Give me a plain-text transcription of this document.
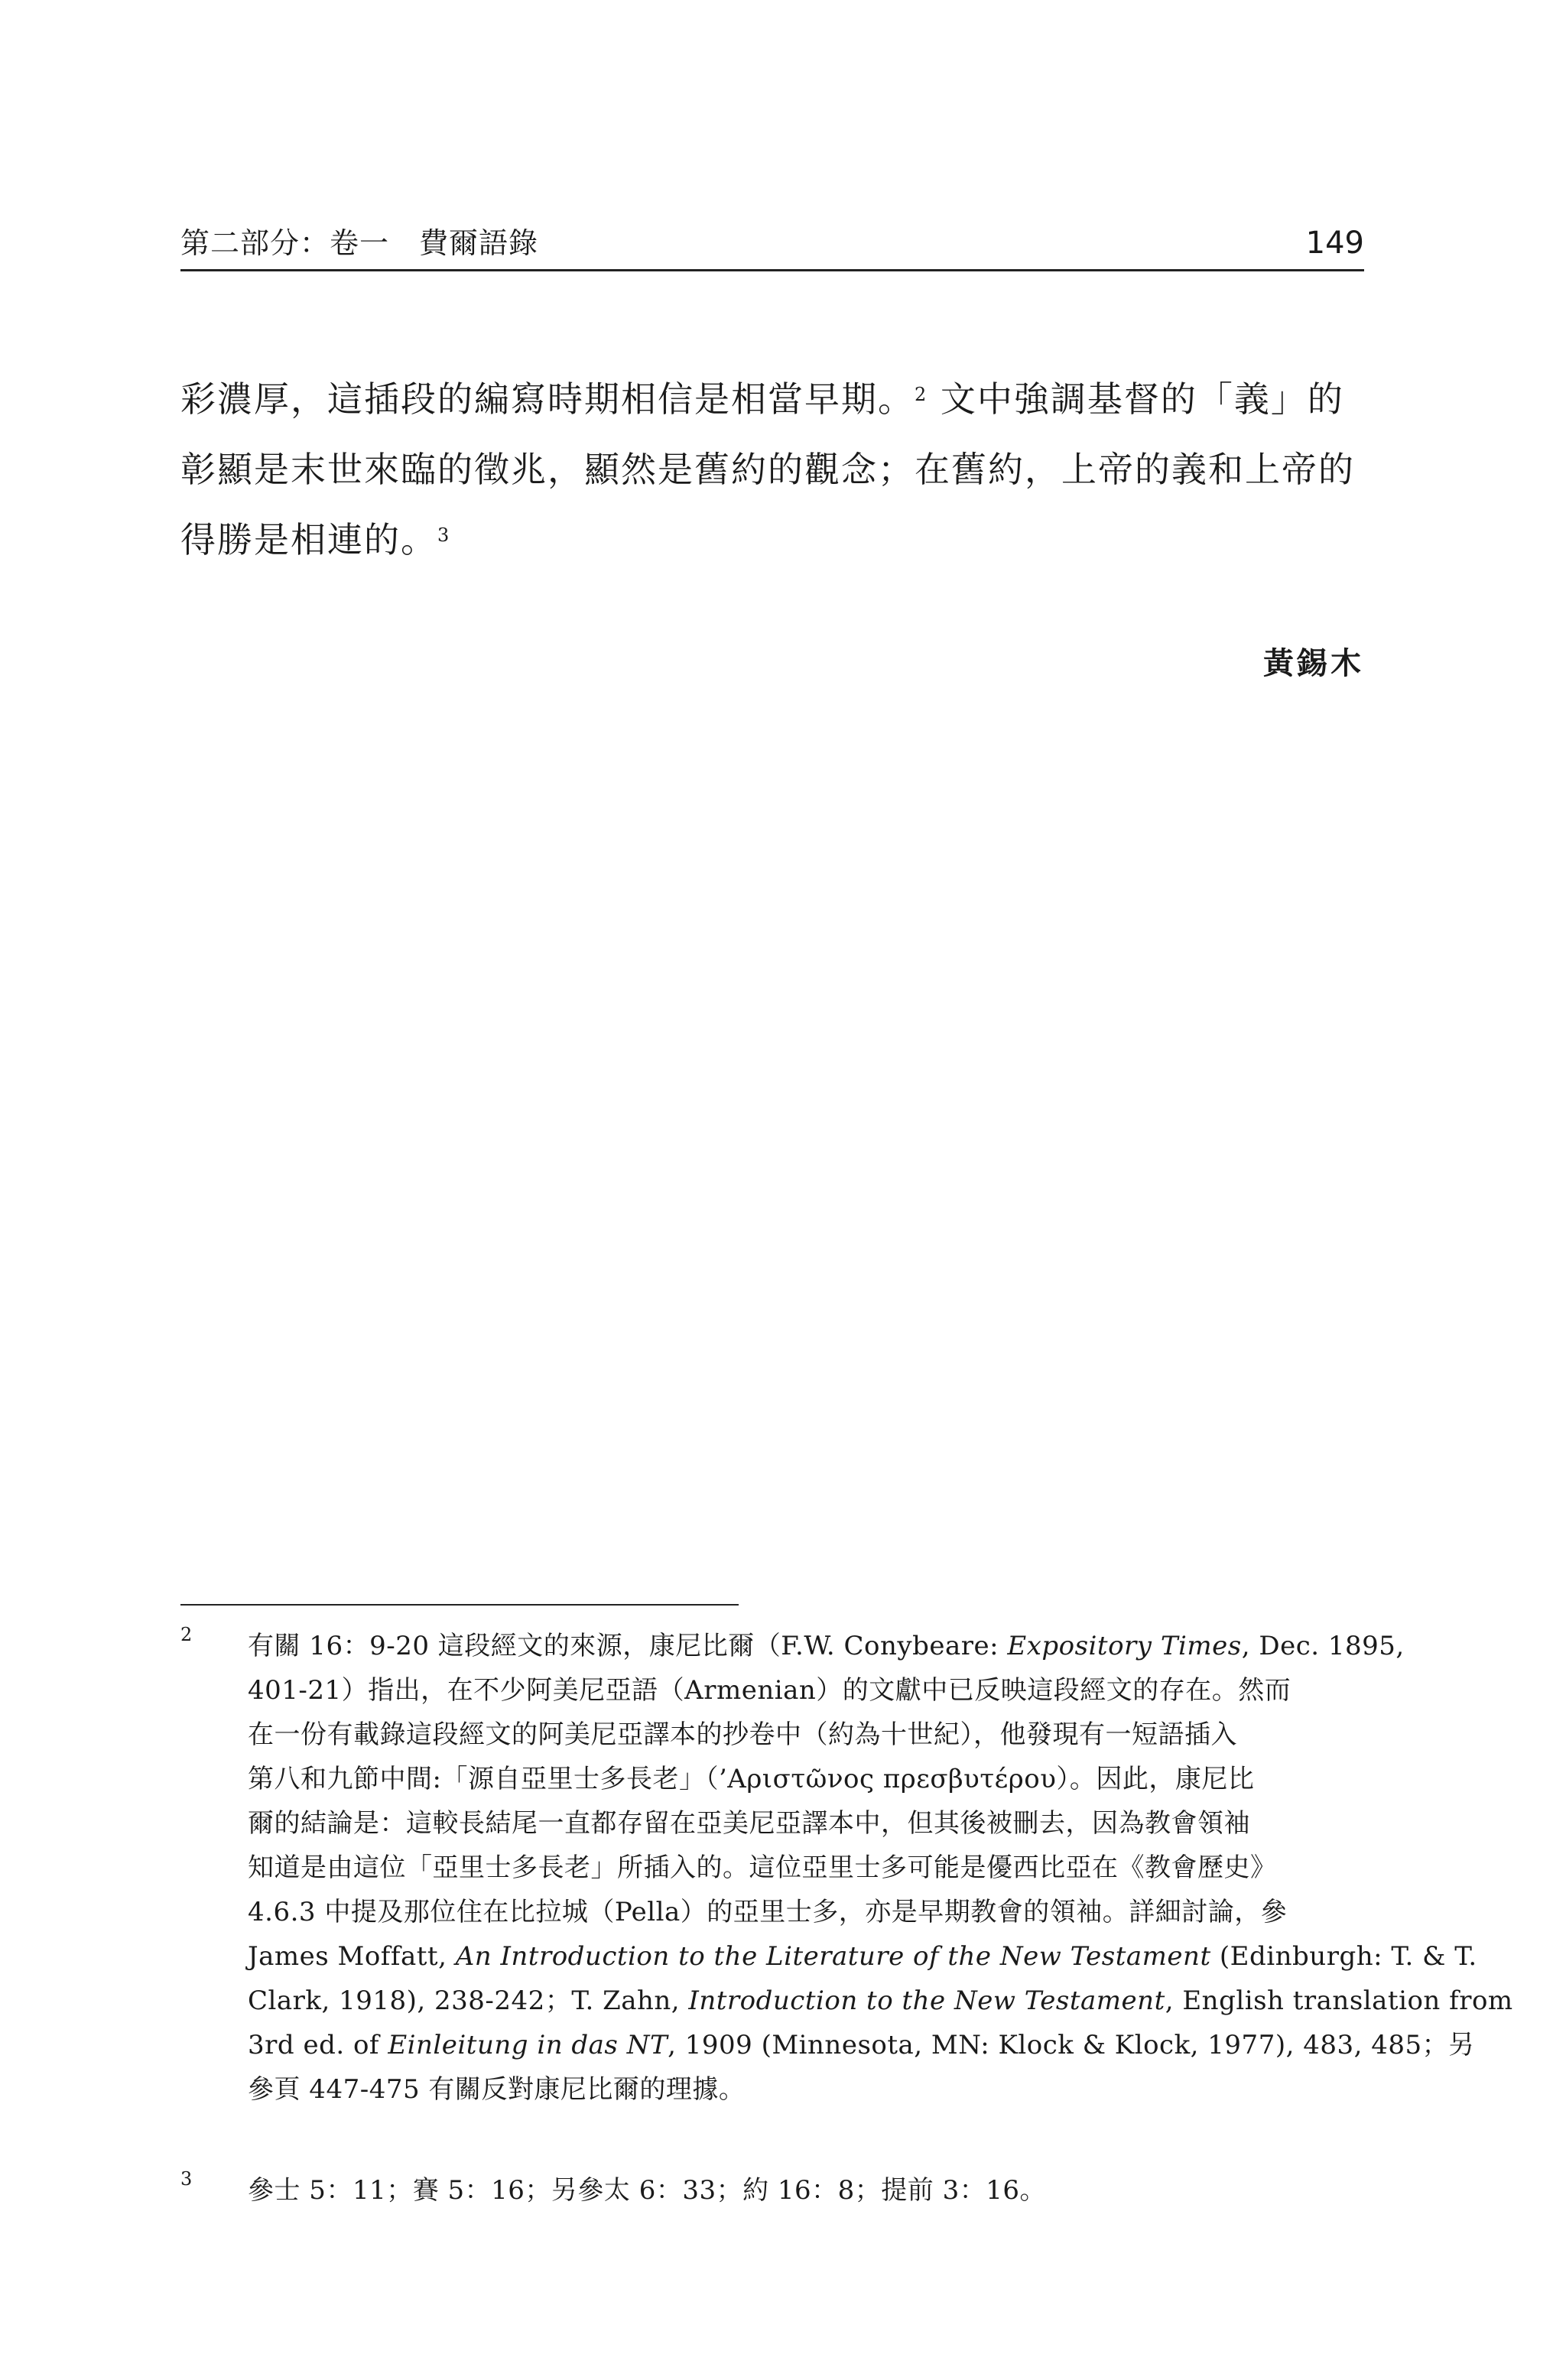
第二部分：卷一　費爾語錄	149
彩濃厚，這插段的編寫時期相信是相當早期。$^2$ 文中強調基督的「義」的
彰顯是末世來臨的徵兆，顯然是舊約的觀念；在舊約，上帝的義和上帝的
得勝是相連的。$^3$
黃錫木
2 有關 16：9-20 這段經文的來源，康尼比爾（F.W. Conybeare: Expository Times, Dec. 1895,
401-21）指出，在不少阿美尼亞語（Armenian）的文獻中已反映這段經文的存在。然而
在一份有載錄這段經文的阿美尼亞譯本的抄卷中（約為十世紀），他發現有一短語插入
第八和九節中間:「源自亞里士多長老」（’Αριστῶνος πρεσβυτέρου）。因此，康尼比
爾的結論是：這較長結尾一直都存留在亞美尼亞譯本中，但其後被刪去，因為教會領袖
知道是由這位「亞里士多長老」所插入的。這位亞里士多可能是優西比亞在《教會歷史》
4.6.3 中提及那位住在比拉城（Pella）的亞里士多，亦是早期教會的領袖。詳細討論，參
James Moffatt, An Introduction to the Literature of the New Testament (Edinburgh: T. & T.
Clark, 1918), 238-242；T. Zahn, Introduction to the New Testament, English translation from
3rd ed. of Einleitung in das NT, 1909 (Minnesota, MN: Klock & Klock, 1977), 483, 485；另
參頁 447-475 有關反對康尼比爾的理據。
3 參士 5：11；賽 5：16；另參太 6：33；約 16：8；提前 3：16。
